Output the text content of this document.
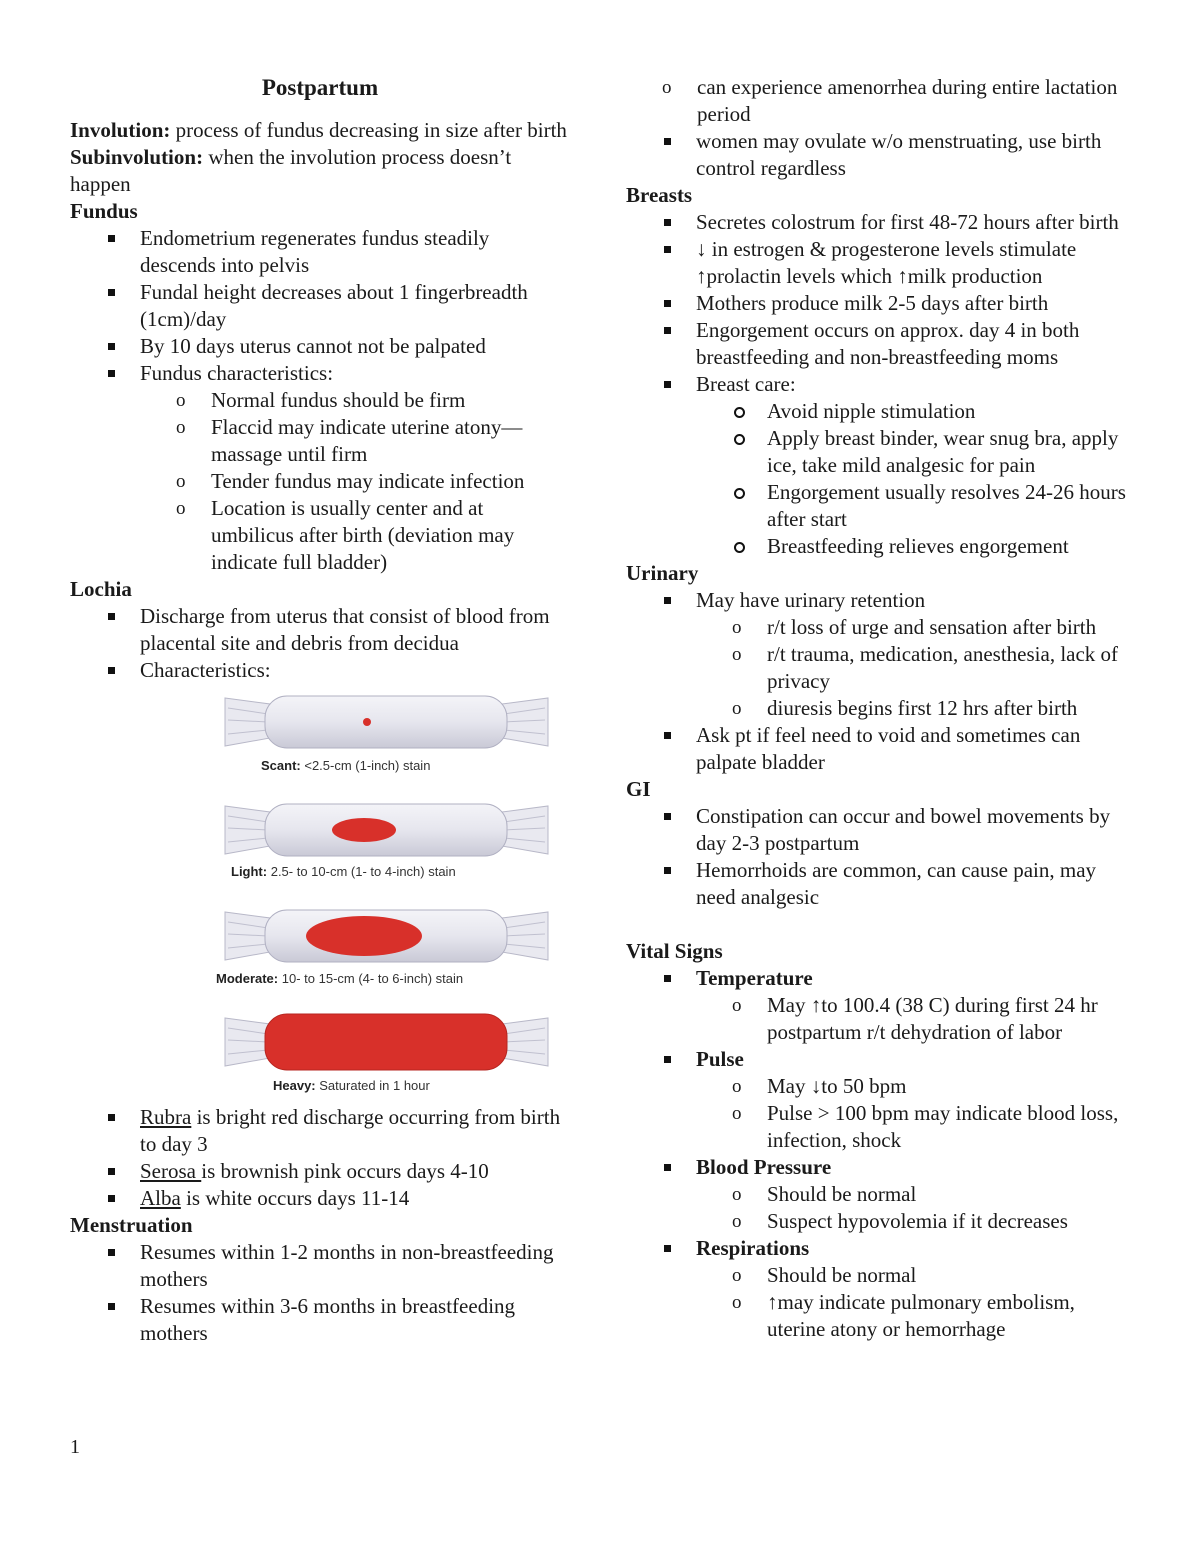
Postpartum

Involution: process of fundus decreasing in size after birth

Subinvolution: when the involution process doesn’t happen

Fundus
Endometrium regenerates fundus steadily descends into pelvis
Fundal height decreases about 1 fingerbreadth (1cm)/day
By 10 days uterus cannot not be palpated
Fundus characteristics:
o Normal fundus should be firm
o Flaccid may indicate uterine atony—massage until firm
o Tender fundus may indicate infection
o Location is usually center and at umbilicus after birth (deviation may indicate full bladder)
Lochia
Discharge from uterus that consist of blood from placental site and debris from decidua
Characteristics:
Scant: <2.5-cm (1-inch) stain
Light: 2.5- to 10-cm (1- to 4-inch) stain
Moderate: 10- to 15-cm (4- to 6-inch) stain
Heavy: Saturated in 1 hour
Rubra is bright red discharge occurring from birth to day 3
Serosa is brownish pink occurs days 4-10
Alba is white occurs days 11-14
Menstruation
Resumes within 1-2 months in non-breastfeeding mothers
Resumes within 3-6 months in breastfeeding mothers
o can experience amenorrhea during entire lactation period
women may ovulate w/o menstruating, use birth control regardless
Breasts
Secretes colostrum for first 48-72 hours after birth
↓ in estrogen & progesterone levels stimulate ↑prolactin levels which ↑milk production
Mothers produce milk 2-5 days after birth
Engorgement occurs on approx. day 4 in both breastfeeding and non-breastfeeding moms
Breast care:
Avoid nipple stimulation
Apply breast binder, wear snug bra, apply ice, take mild analgesic for pain
Engorgement usually resolves 24-26 hours after start
Breastfeeding relieves engorgement
Urinary
May have urinary retention
o r/t loss of urge and sensation after birth
o r/t trauma, medication, anesthesia, lack of privacy
o diuresis begins first 12 hrs after birth
Ask pt if feel need to void and sometimes can palpate bladder
GI
Constipation can occur and bowel movements by day 2-3 postpartum
Hemorrhoids are common, can cause pain, may need analgesic
Vital Signs
Temperature
o May ↑to 100.4 (38 C) during first 24 hr postpartum r/t dehydration of labor
Pulse
o May ↓to 50 bpm
o Pulse > 100 bpm may indicate blood loss, infection, shock
Blood Pressure
o Should be normal
o Suspect hypovolemia if it decreases
Respirations
o Should be normal
o ↑may indicate pulmonary embolism, uterine atony or hemorrhage
1
